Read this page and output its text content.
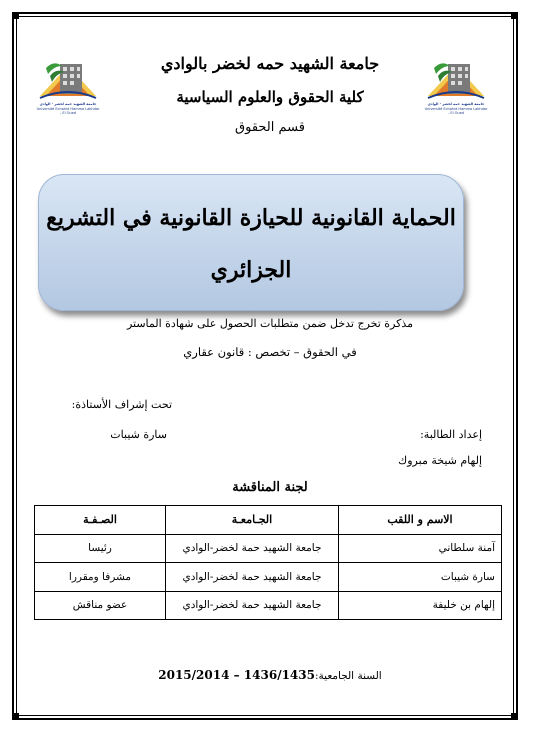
جامعة الشهيد حمه لخضر - الوادي
Université Echahid Hamma Lakhdar - El Oued
جامعة الشهيد حمه لخضر - الوادي
Université Echahid Hamma Lakhdar - El Oued
جامعة الشهيد حمه لخضر بالوادي
كلية الحقوق والعلوم السياسية
قسم الحقوق
الحماية القانونية للحيازة القانونية في التشريع
الجزائري
مذكرة تخرج تدخل ضمن متطلبات الحصول على شهادة الماستر
في الحقوق – تخصص : قانون عقاري
تحت إشراف الأستاذة:
سارة شيبات	إعداد الطالبة:
إلهام شيخة مبروك
لجنة المناقشة
الاسم و اللقب	الجـامعـة	الصـفـة
آمنة سلطاني	جامعة الشهيد حمة لخضر-الوادي	رئيسا
سارة شيبات	جامعة الشهيد حمة لخضر-الوادي	مشرفا ومقررا
إلهام بن خليفة	جامعة الشهيد حمة لخضر-الوادي	عضو مناقش
السنة الجامعية:1436/1435 – 2015/2014
